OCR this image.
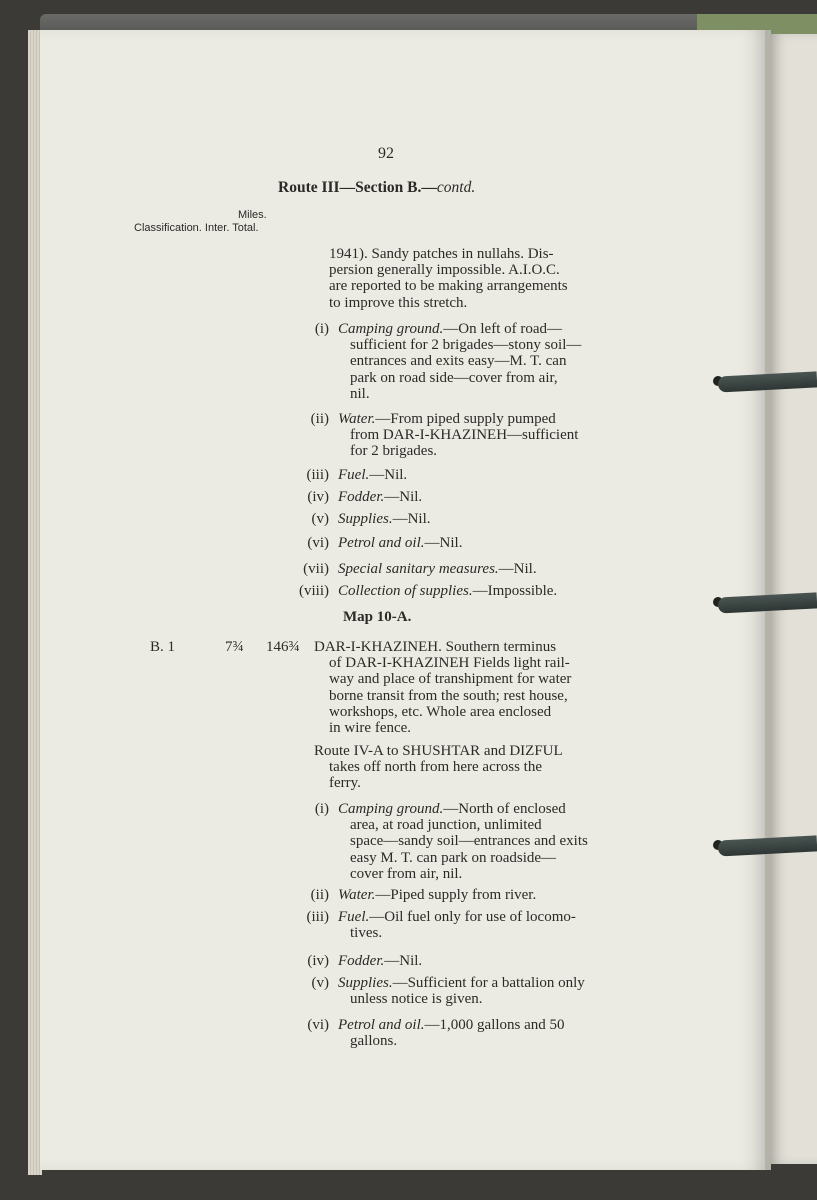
92
Route III—Section B.—contd.
Miles.
Classification. Inter. Total.
1941). Sandy patches in nullahs. Dis-
persion generally impossible. A.I.O.C.
are reported to be making arrangements
to improve this stretch.
(i) Camping ground.—On left of road—
sufficient for 2 brigades—stony soil—
entrances and exits easy—M. T. can
park on road side—cover from air,
nil.
(ii) Water.—From piped supply pumped
from DAR-I-KHAZINEH—sufficient
for 2 brigades.
(iii) Fuel.—Nil.
(iv) Fodder.—Nil.
(v) Supplies.—Nil.
(vi) Petrol and oil.—Nil.
(vii) Special sanitary measures.—Nil.
(viii) Collection of supplies.—Impossible.
DAR-I-KHAZINEH. Southern terminus
of DAR-I-KHAZINEH Fields light rail-
way and place of transhipment for water
borne transit from the south; rest house,
workshops, etc. Whole area enclosed
in wire fence.
Route IV-A to SHUSHTAR and DIZFUL
takes off north from here across the
ferry.
(i) Camping ground.—North of enclosed
area, at road junction, unlimited
space—sandy soil—entrances and exits
easy M. T. can park on roadside—
cover from air, nil.
(ii) Water.—Piped supply from river.
(iii) Fuel.—Oil fuel only for use of locomo-
tives.
(iv) Fodder.—Nil.
(v) Supplies.—Sufficient for a battalion only
unless notice is given.
(vi) Petrol and oil.—1,000 gallons and 50
gallons.
B. 1	7¾ 146¾
Map 10-A.
